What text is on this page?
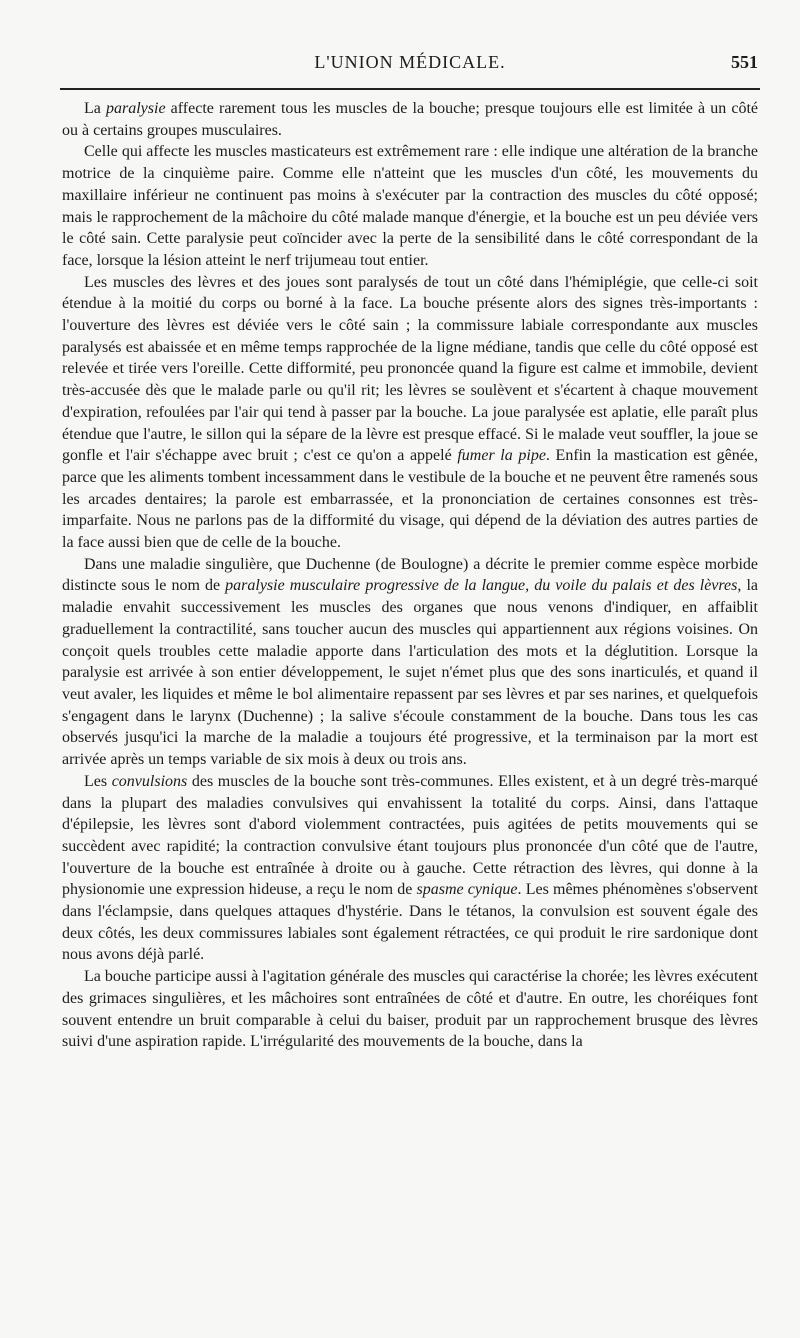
L'UNION MÉDICALE.	551

La paralysie affecte rarement tous les muscles de la bouche; presque toujours elle est limitée à un côté ou à certains groupes musculaires.

Celle qui affecte les muscles masticateurs est extrêmement rare : elle indique une altération de la branche motrice de la cinquième paire. Comme elle n'atteint que les muscles d'un côté, les mouvements du maxillaire inférieur ne continuent pas moins à s'exécuter par la contraction des muscles du côté opposé; mais le rapprochement de la mâchoire du côté malade manque d'énergie, et la bouche est un peu déviée vers le côté sain. Cette paralysie peut coïncider avec la perte de la sensibilité dans le côté correspondant de la face, lorsque la lésion atteint le nerf trijumeau tout entier.

Les muscles des lèvres et des joues sont paralysés de tout un côté dans l'hémiplégie, que celle-ci soit étendue à la moitié du corps ou borné à la face. La bouche présente alors des signes très-importants : l'ouverture des lèvres est déviée vers le côté sain ; la commissure labiale correspondante aux muscles paralysés est abaissée et en même temps rapprochée de la ligne médiane, tandis que celle du côté opposé est relevée et tirée vers l'oreille. Cette difformité, peu prononcée quand la figure est calme et immobile, devient très-accusée dès que le malade parle ou qu'il rit; les lèvres se soulèvent et s'écartent à chaque mouvement d'expiration, refoulées par l'air qui tend à passer par la bouche. La joue paralysée est aplatie, elle paraît plus étendue que l'autre, le sillon qui la sépare de la lèvre est presque effacé. Si le malade veut souffler, la joue se gonfle et l'air s'échappe avec bruit ; c'est ce qu'on a appelé fumer la pipe. Enfin la mastication est gênée, parce que les aliments tombent incessamment dans le vestibule de la bouche et ne peuvent être ramenés sous les arcades dentaires; la parole est embarrassée, et la prononciation de certaines consonnes est très-imparfaite. Nous ne parlons pas de la difformité du visage, qui dépend de la déviation des autres parties de la face aussi bien que de celle de la bouche.

Dans une maladie singulière, que Duchenne (de Boulogne) a décrite le premier comme espèce morbide distincte sous le nom de paralysie musculaire progressive de la langue, du voile du palais et des lèvres, la maladie envahit successivement les muscles des organes que nous venons d'indiquer, en affaiblit graduellement la contractilité, sans toucher aucun des muscles qui appartiennent aux régions voisines. On conçoit quels troubles cette maladie apporte dans l'articulation des mots et la déglutition. Lorsque la paralysie est arrivée à son entier développement, le sujet n'émet plus que des sons inarticulés, et quand il veut avaler, les liquides et même le bol alimentaire repassent par ses lèvres et par ses narines, et quelquefois s'engagent dans le larynx (Duchenne) ; la salive s'écoule constamment de la bouche. Dans tous les cas observés jusqu'ici la marche de la maladie a toujours été progressive, et la terminaison par la mort est arrivée après un temps variable de six mois à deux ou trois ans.

Les convulsions des muscles de la bouche sont très-communes. Elles existent, et à un degré très-marqué dans la plupart des maladies convulsives qui envahissent la totalité du corps. Ainsi, dans l'attaque d'épilepsie, les lèvres sont d'abord violemment contractées, puis agitées de petits mouvements qui se succèdent avec rapidité; la contraction convulsive étant toujours plus prononcée d'un côté que de l'autre, l'ouverture de la bouche est entraînée à droite ou à gauche. Cette rétraction des lèvres, qui donne à la physionomie une expression hideuse, a reçu le nom de spasme cynique. Les mêmes phénomènes s'observent dans l'éclampsie, dans quelques attaques d'hystérie. Dans le tétanos, la convulsion est souvent égale des deux côtés, les deux commissures labiales sont également rétractées, ce qui produit le rire sardonique dont nous avons déjà parlé.

La bouche participe aussi à l'agitation générale des muscles qui caractérise la chorée; les lèvres exécutent des grimaces singulières, et les mâchoires sont entraînées de côté et d'autre. En outre, les choréiques font souvent entendre un bruit comparable à celui du baiser, produit par un rapprochement brusque des lèvres suivi d'une aspiration rapide. L'irrégularité des mouvements de la bouche, dans la
